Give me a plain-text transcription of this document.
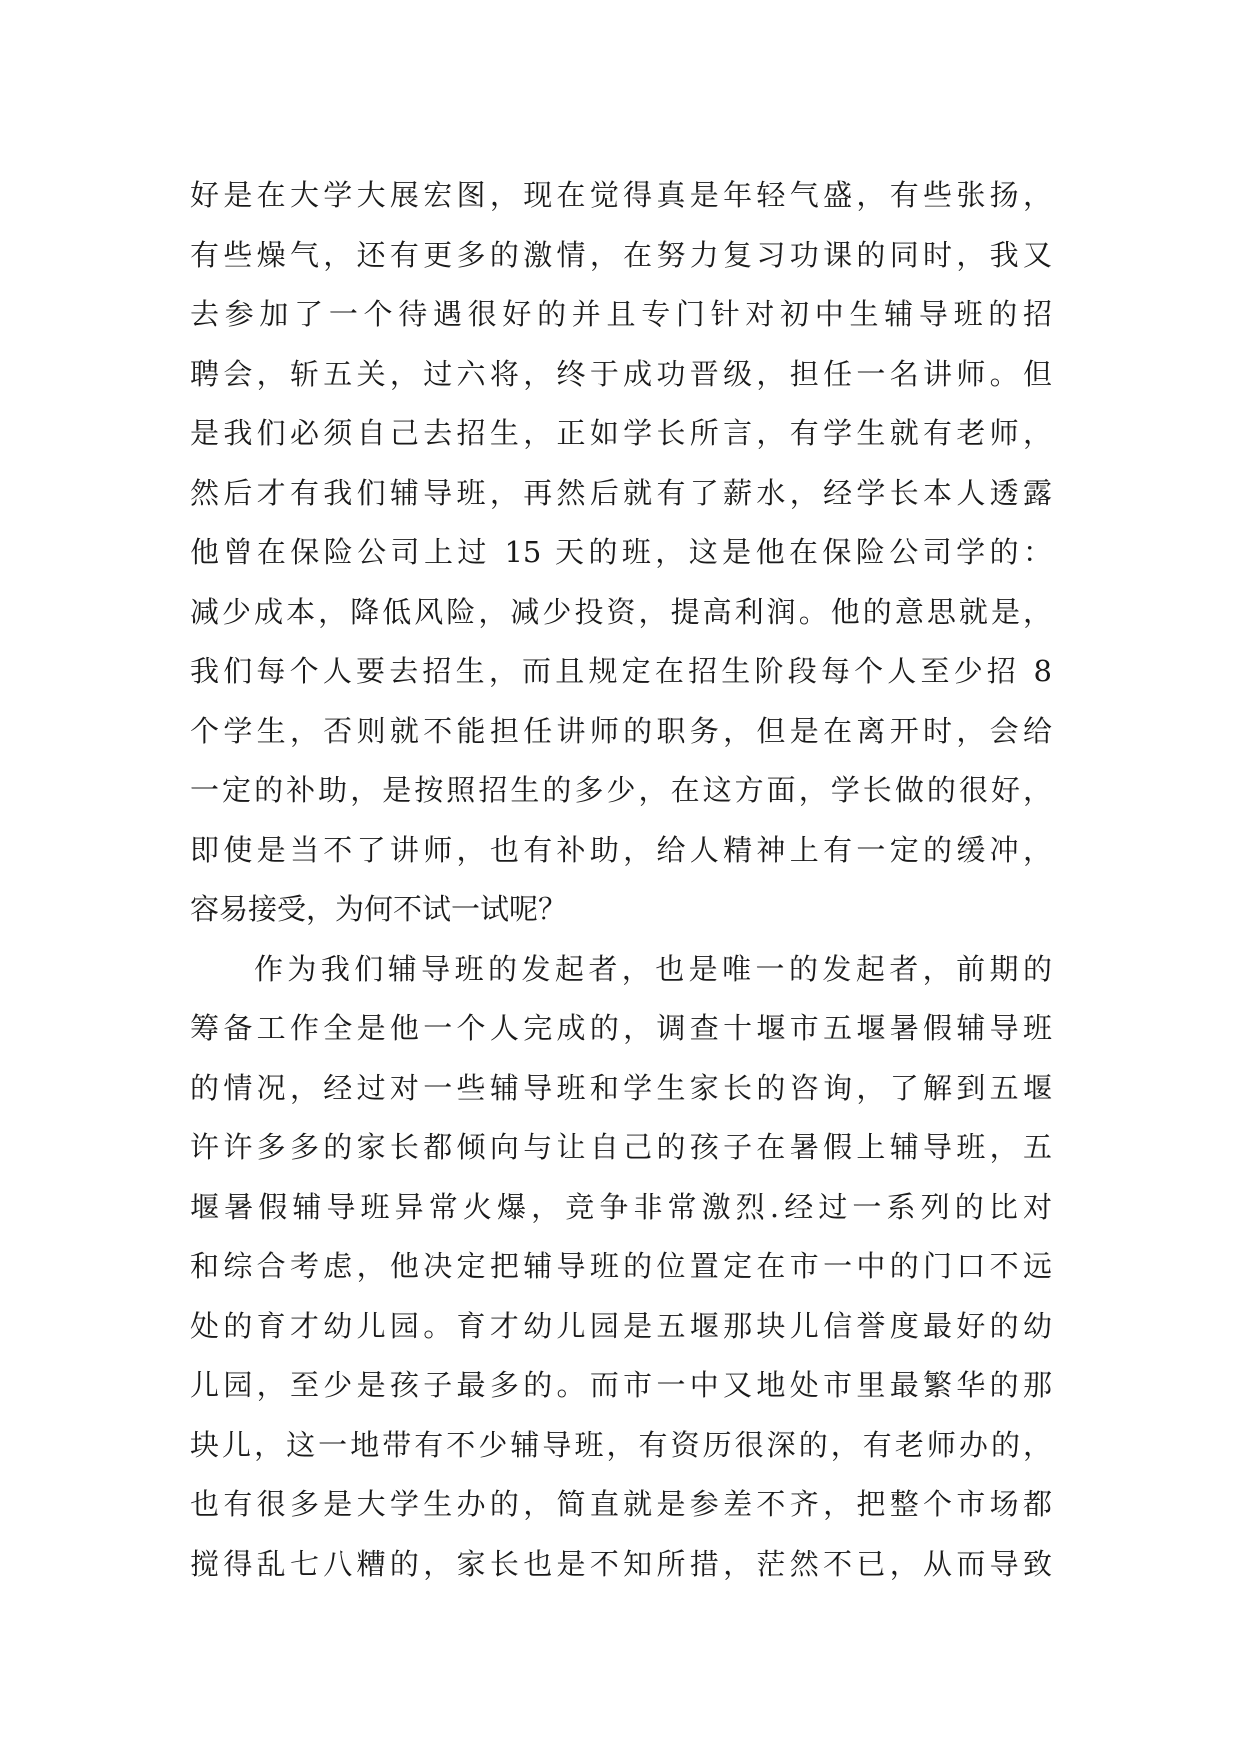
好是在大学大展宏图，现在觉得真是年轻气盛，有些张扬，
有些燥气，还有更多的激情，在努力复习功课的同时，我又
去参加了一个待遇很好的并且专门针对初中生辅导班的招
聘会，斩五关，过六将，终于成功晋级，担任一名讲师。但
是我们必须自己去招生，正如学长所言，有学生就有老师，
然后才有我们辅导班，再然后就有了薪水，经学长本人透露
他曾在保险公司上过 15 天的班，这是他在保险公司学的：
减少成本，降低风险，减少投资，提高利润。他的意思就是，
我们每个人要去招生，而且规定在招生阶段每个人至少招 8
个学生，否则就不能担任讲师的职务，但是在离开时，会给
一定的补助，是按照招生的多少，在这方面，学长做的很好，
即使是当不了讲师，也有补助，给人精神上有一定的缓冲，
容易接受，为何不试一试呢？
作为我们辅导班的发起者，也是唯一的发起者，前期的
筹备工作全是他一个人完成的，调查十堰市五堰暑假辅导班
的情况，经过对一些辅导班和学生家长的咨询，了解到五堰
许许多多的家长都倾向与让自己的孩子在暑假上辅导班，五
堰暑假辅导班异常火爆，竞争非常激烈.经过一系列的比对
和综合考虑，他决定把辅导班的位置定在市一中的门口不远
处的育才幼儿园。育才幼儿园是五堰那块儿信誉度最好的幼
儿园，至少是孩子最多的。而市一中又地处市里最繁华的那
块儿，这一地带有不少辅导班，有资历很深的，有老师办的，
也有很多是大学生办的，简直就是参差不齐，把整个市场都
搅得乱七八糟的，家长也是不知所措，茫然不已，从而导致
